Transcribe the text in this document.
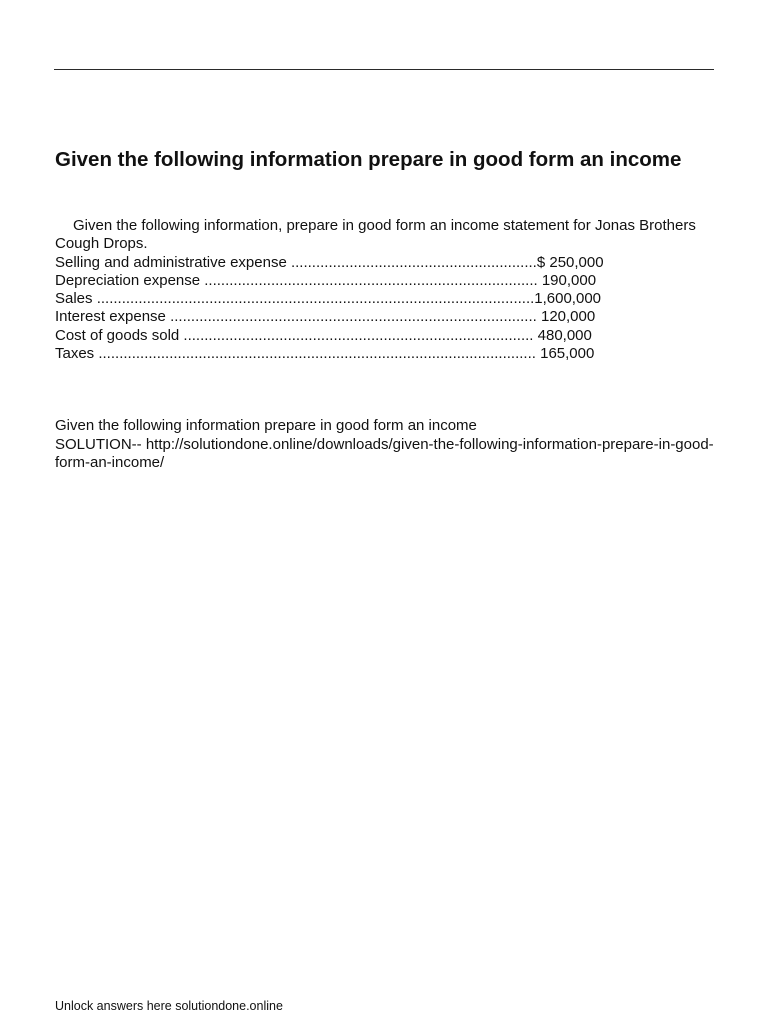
Given the following information prepare in good form an income

Given the following information, prepare in good form an income statement for Jonas Brothers Cough Drops.

Selling and administrative expense ...........................................................$ 250,000
Depreciation expense ................................................................................ 190,000
Sales .........................................................................................................1,600,000
Interest expense ........................................................................................ 120,000
Cost of goods sold .................................................................................... 480,000
Taxes ......................................................................................................... 165,000

Given the following information prepare in good form an income

SOLUTION-- http://solutiondone.online/downloads/given-the-following-information-prepare-in-good-form-an-income/

Unlock answers here solutiondone.online
